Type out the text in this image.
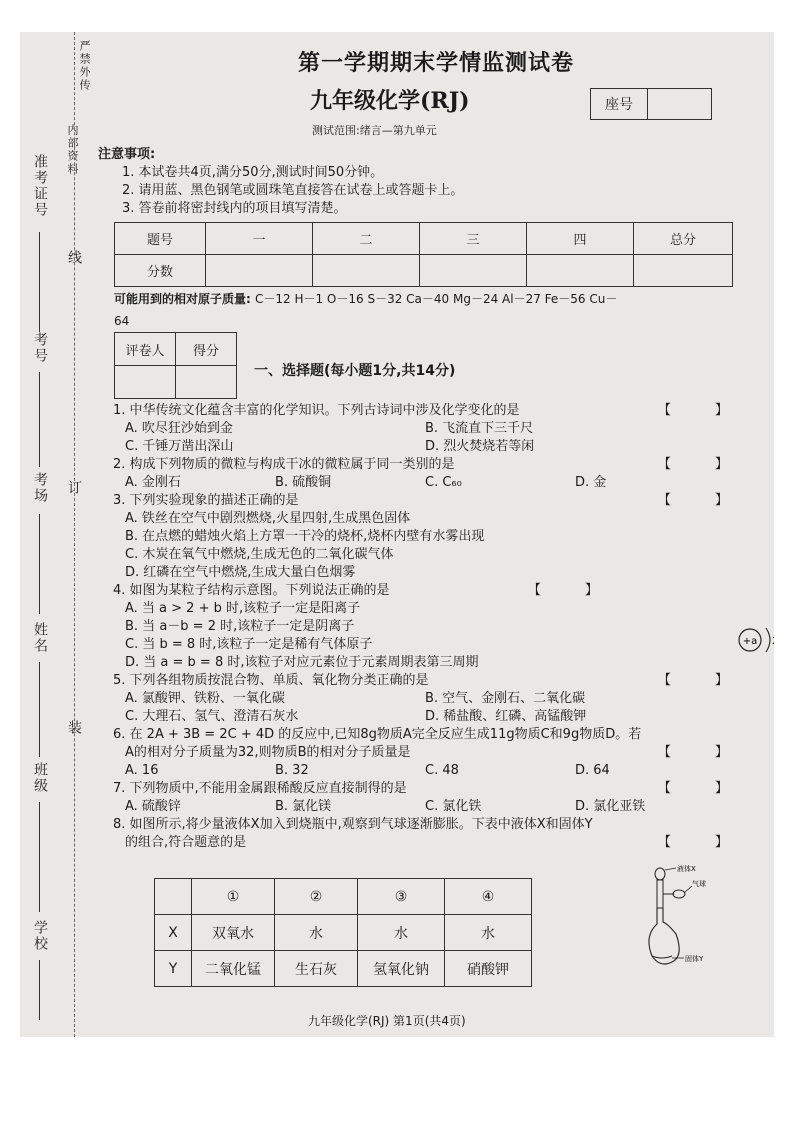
严禁外传
内部资料
准考证号
线
考号
考场 订
姓名
装
班级
学校
第一学期期末学情监测试卷
九年级化学(RJ)
测试范围:绪言—第九单元
座号
注意事项:
1. 本试卷共4页,满分50分,测试时间50分钟。
2. 请用蓝、黑色钢笔或圆珠笔直接答在试卷上或答题卡上。
3. 答卷前将密封线内的项目填写清楚。
题号	一	二	三	四	总分
分数					
可能用到的相对原子质量: C－12 H－1 O－16 S－32 Ca－40 Mg－24 Al－27 Fe－56 Cu－
64
评卷人	得分

一、选择题(每小题1分,共14分)
1. 中华传统文化蕴含丰富的化学知识。下列古诗词中涉及化学变化的是	【 】
A. 吹尽狂沙始到金	B. 飞流直下三千尺
C. 千锤万凿出深山	D. 烈火焚烧若等闲
2. 构成下列物质的微粒与构成干冰的微粒属于同一类别的是	【 】
A. 金刚石	B. 硫酸铜	C. C₆₀	D. 金
3. 下列实验现象的描述正确的是	【 】
A. 铁丝在空气中剧烈燃烧,火星四射,生成黑色固体
B. 在点燃的蜡烛火焰上方罩一干冷的烧杯,烧杯内壁有水雾出现
C. 木炭在氧气中燃烧,生成无色的二氧化碳气体
D. 红磷在空气中燃烧,生成大量白色烟雾
4. 如图为某粒子结构示意图。下列说法正确的是	【 】
A. 当 a > 2 + b 时,该粒子一定是阳离子
B. 当 a－b = 2 时,该粒子一定是阴离子
C. 当 b = 8 时,该粒子一定是稀有气体原子
D. 当 a = b = 8 时,该粒子对应元素位于元素周期表第三周期
5. 下列各组物质按混合物、单质、氧化物分类正确的是	【 】
A. 氯酸钾、铁粉、一氧化碳	B. 空气、金刚石、二氧化碳
C. 大理石、氢气、澄清石灰水	D. 稀盐酸、红磷、高锰酸钾
6. 在 2A + 3B = 2C + 4D 的反应中,已知8g物质A完全反应生成11g物质C和9g物质D。若
A的相对分子质量为32,则物质B的相对分子质量是	【 】
A. 16	B. 32	C. 48	D. 64
7. 下列物质中,不能用金属跟稀酸反应直接制得的是	【 】
A. 硫酸锌	B. 氯化镁	C. 氯化铁	D. 氯化亚铁
8. 如图所示,将少量液体X加入到烧瓶中,观察到气球逐渐膨胀。下表中液体X和固体Y
的组合,符合题意的是	【 】
+a 2 b
	①	②	③	④
X	双氧水	水	水	水
Y	二氧化锰	生石灰	氢氧化钠	硝酸钾
液体X
气球
固体Y
九年级化学(RJ) 第1页(共4页)
